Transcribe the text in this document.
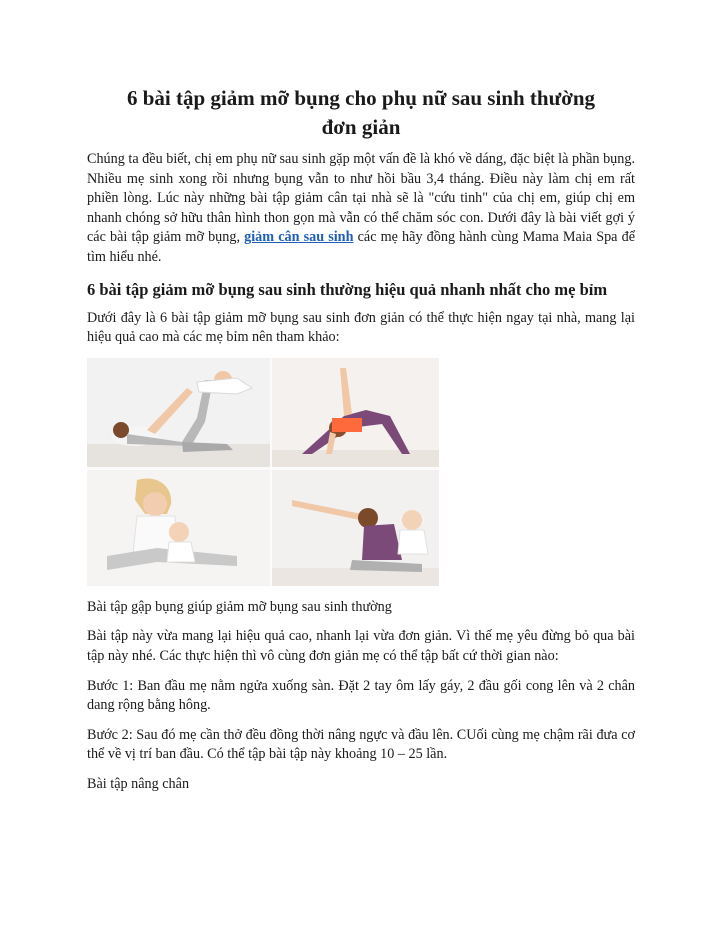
6 bài tập giảm mỡ bụng cho phụ nữ sau sinh thường
đơn giản

Chúng ta đều biết, chị em phụ nữ sau sinh gặp một vấn đề là khó về dáng, đặc biệt là phần bụng. Nhiều mẹ sinh xong rồi nhưng bụng vẫn to như hồi bầu 3,4 tháng. Điều này làm chị em rất phiền lòng. Lúc này những bài tập giảm cân tại nhà sẽ là "cứu tinh" của chị em, giúp chị em nhanh chóng sở hữu thân hình thon gọn mà vẫn có thể chăm sóc con. Dưới đây là bài viết gợi ý các bài tập giảm mỡ bụng, giảm cân sau sinh các mẹ hãy đồng hành cùng Mama Maia Spa để tìm hiểu nhé.

6 bài tập giảm mỡ bụng sau sinh thường hiệu quả nhanh nhất cho mẹ bỉm

Dưới đây là 6 bài tập giảm mỡ bụng sau sinh đơn giản có thể thực hiện ngay tại nhà, mang lại hiệu quả cao mà các mẹ bỉm nên tham khảo:

Bài tập gập bụng giúp giảm mỡ bụng sau sinh thường

Bài tập này vừa mang lại hiệu quả cao, nhanh lại vừa đơn giản. Vì thế mẹ yêu đừng bỏ qua bài tập này nhé. Các thực hiện thì vô cùng đơn giản mẹ có thể tập bất cứ thời gian nào:

Bước 1: Ban đầu mẹ nằm ngửa xuống sàn. Đặt 2 tay ôm lấy gáy, 2 đầu gối cong lên và 2 chân dang rộng bằng hông.

Bước 2: Sau đó mẹ cần thở đều đồng thời nâng ngực và đầu lên. CUối cùng mẹ chậm rãi đưa cơ thể về vị trí ban đầu. Có thể tập bài tập này khoảng 10 – 25 lần.

Bài tập nâng chân
